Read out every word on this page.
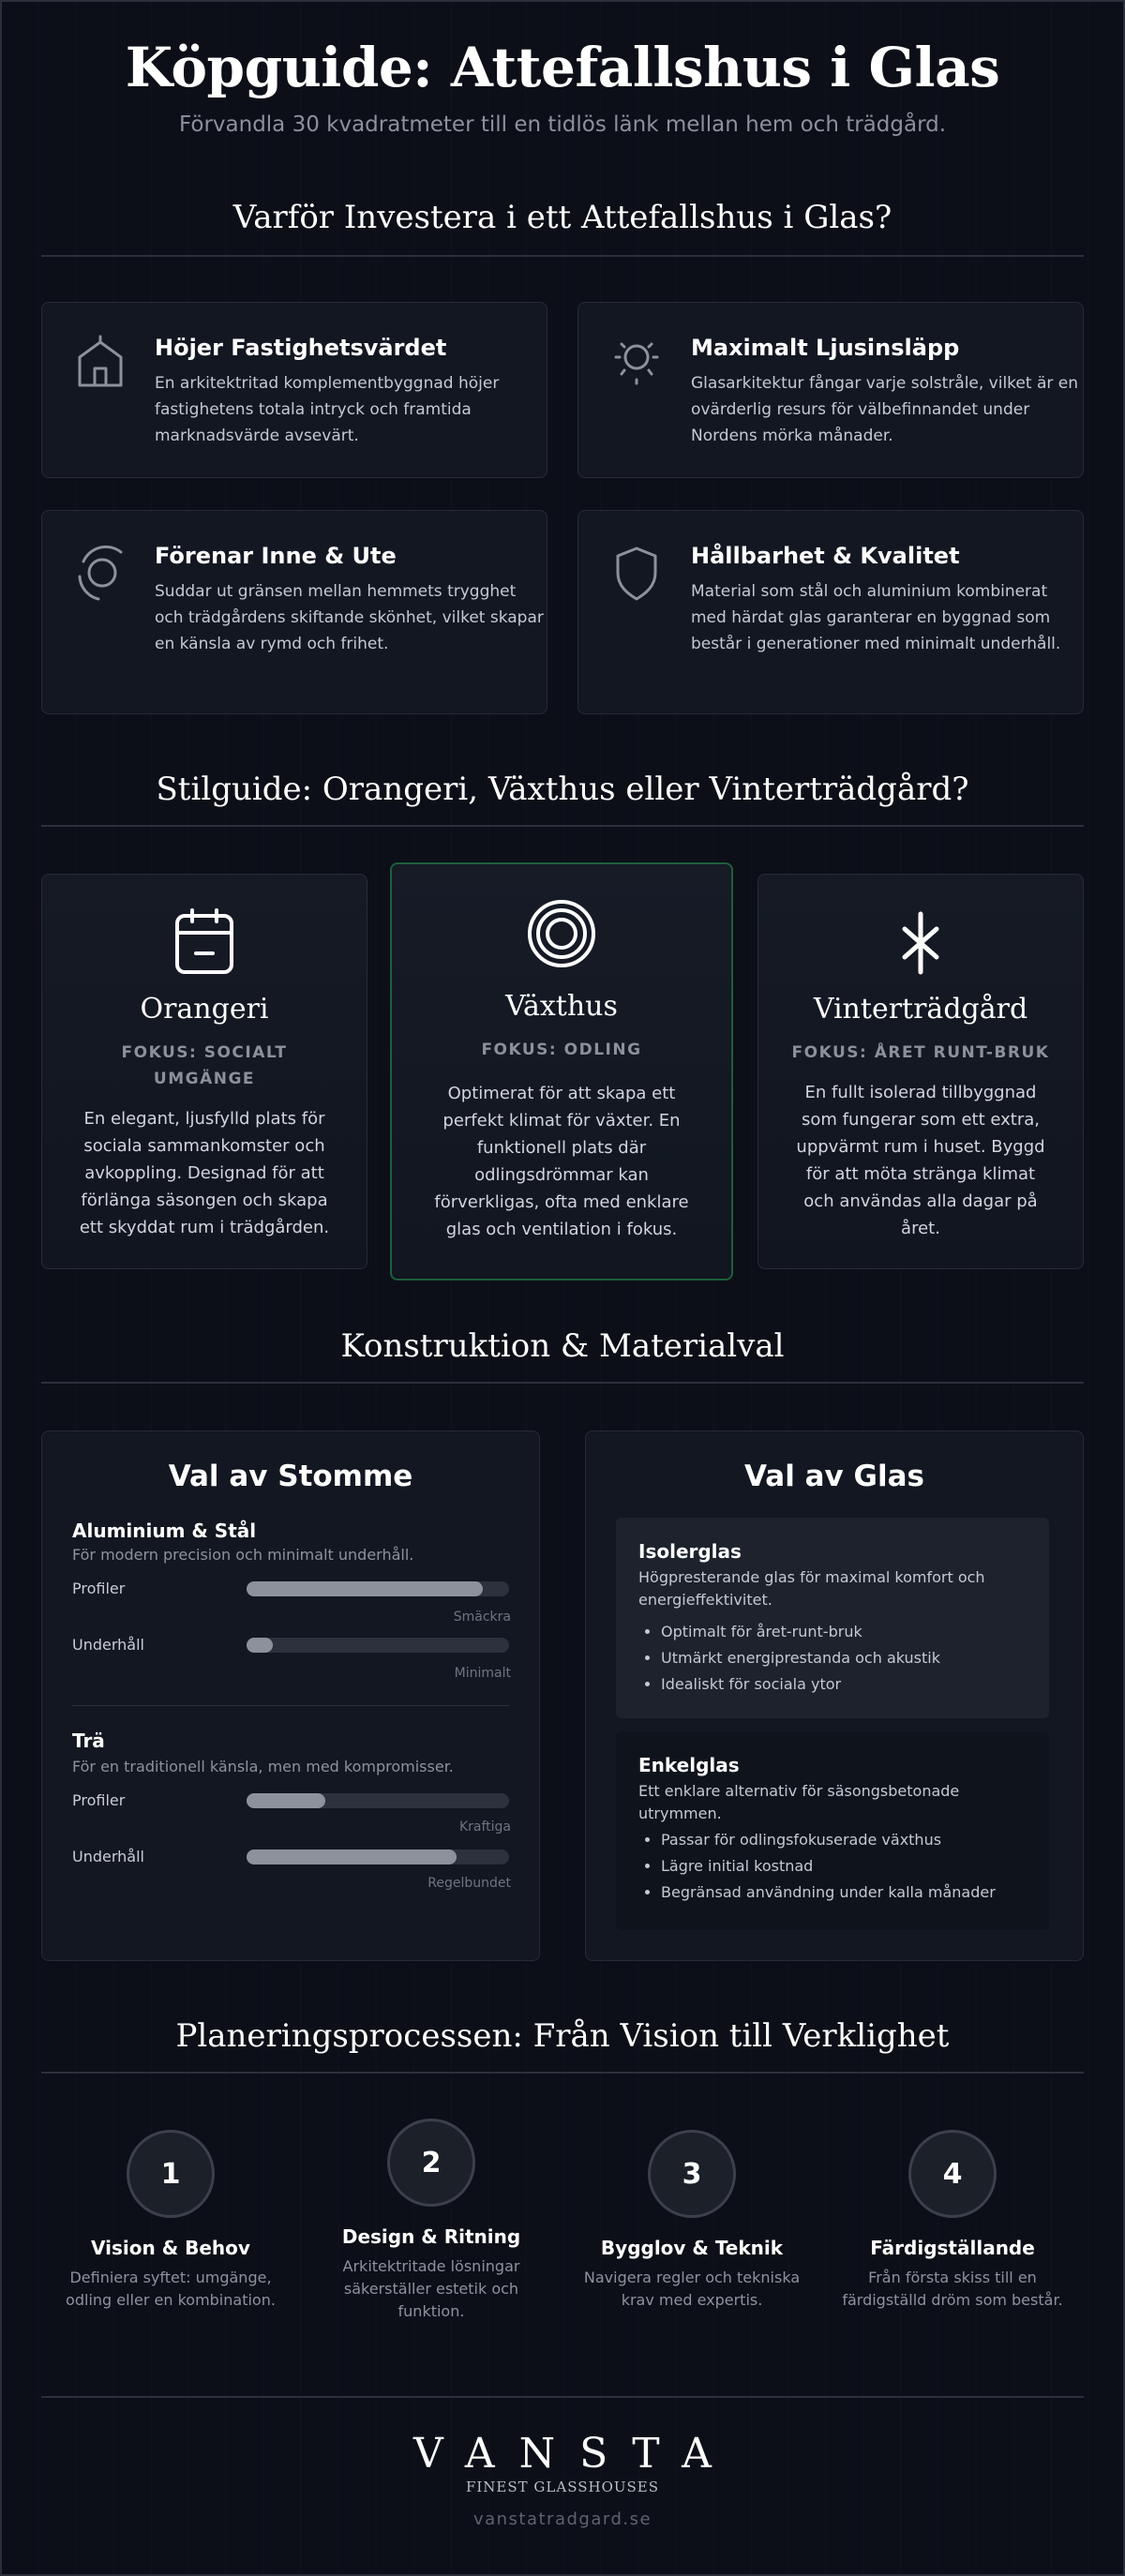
Köpguide: Attefallshus i Glas
Förvandla 30 kvadratmeter till en tidlös länk mellan hem och trädgård.
Varför Investera i ett Attefallshus i Glas?
Höjer Fastighetsvärdet
En arkitektritad komplementbyggnad höjer fastighetens totala intryck och framtida marknadsvärde avsevärt.
Maximalt Ljusinsläpp
Glasarkitektur fångar varje solstråle, vilket är en ovärderlig resurs för välbefinnandet under Nordens mörka månader.
Förenar Inne & Ute
Suddar ut gränsen mellan hemmets trygghet och trädgårdens skiftande skönhet, vilket skapar en känsla av rymd och frihet.
Hållbarhet & Kvalitet
Material som stål och aluminium kombinerat med härdat glas garanterar en byggnad som består i generationer med minimalt underhåll.
Stilguide: Orangeri, Växthus eller Vinterträdgård?
Orangeri
FOKUS: SOCIALT UMGÄNGE
En elegant, ljusfylld plats för sociala sammankomster och avkoppling. Designad för att förlänga säsongen och skapa ett skyddat rum i trädgården.
Växthus
FOKUS: ODLING
Optimerat för att skapa ett perfekt klimat för växter. En funktionell plats där odlingsdrömmar kan förverkligas, ofta med enklare glas och ventilation i fokus.
Vinterträdgård
FOKUS: ÅRET RUNT-BRUK
En fullt isolerad tillbyggnad som fungerar som ett extra, uppvärmt rum i huset. Byggd för att möta stränga klimat och användas alla dagar på året.
Konstruktion & Materialval
Val av Stomme
Aluminium & Stål
För modern precision och minimalt underhåll.
Profiler
Smäckra
Underhåll
Minimalt
Trä
För en traditionell känsla, men med kompromisser.
Profiler
Kraftiga
Underhåll
Regelbundet
Val av Glas
Isolerglas
Högpresterande glas för maximal komfort och energieffektivitet.
• Optimalt för året-runt-bruk
• Utmärkt energiprestanda och akustik
• Idealiskt för sociala ytor
Enkelglas
Ett enklare alternativ för säsongsbetonade utrymmen.
• Passar för odlingsfokuserade växthus
• Lägre initial kostnad
• Begränsad användning under kalla månader
Planeringsprocessen: Från Vision till Verklighet
1
Vision & Behov
Definiera syftet: umgänge, odling eller en kombination.
2
Design & Ritning
Arkitektritade lösningar säkerställer estetik och funktion.
3
Bygglov & Teknik
Navigera regler och tekniska krav med expertis.
4
Färdigställande
Från första skiss till en färdigställd dröm som består.
VANSTA
FINEST GLASSHOUSES
vanstatradgard.se
